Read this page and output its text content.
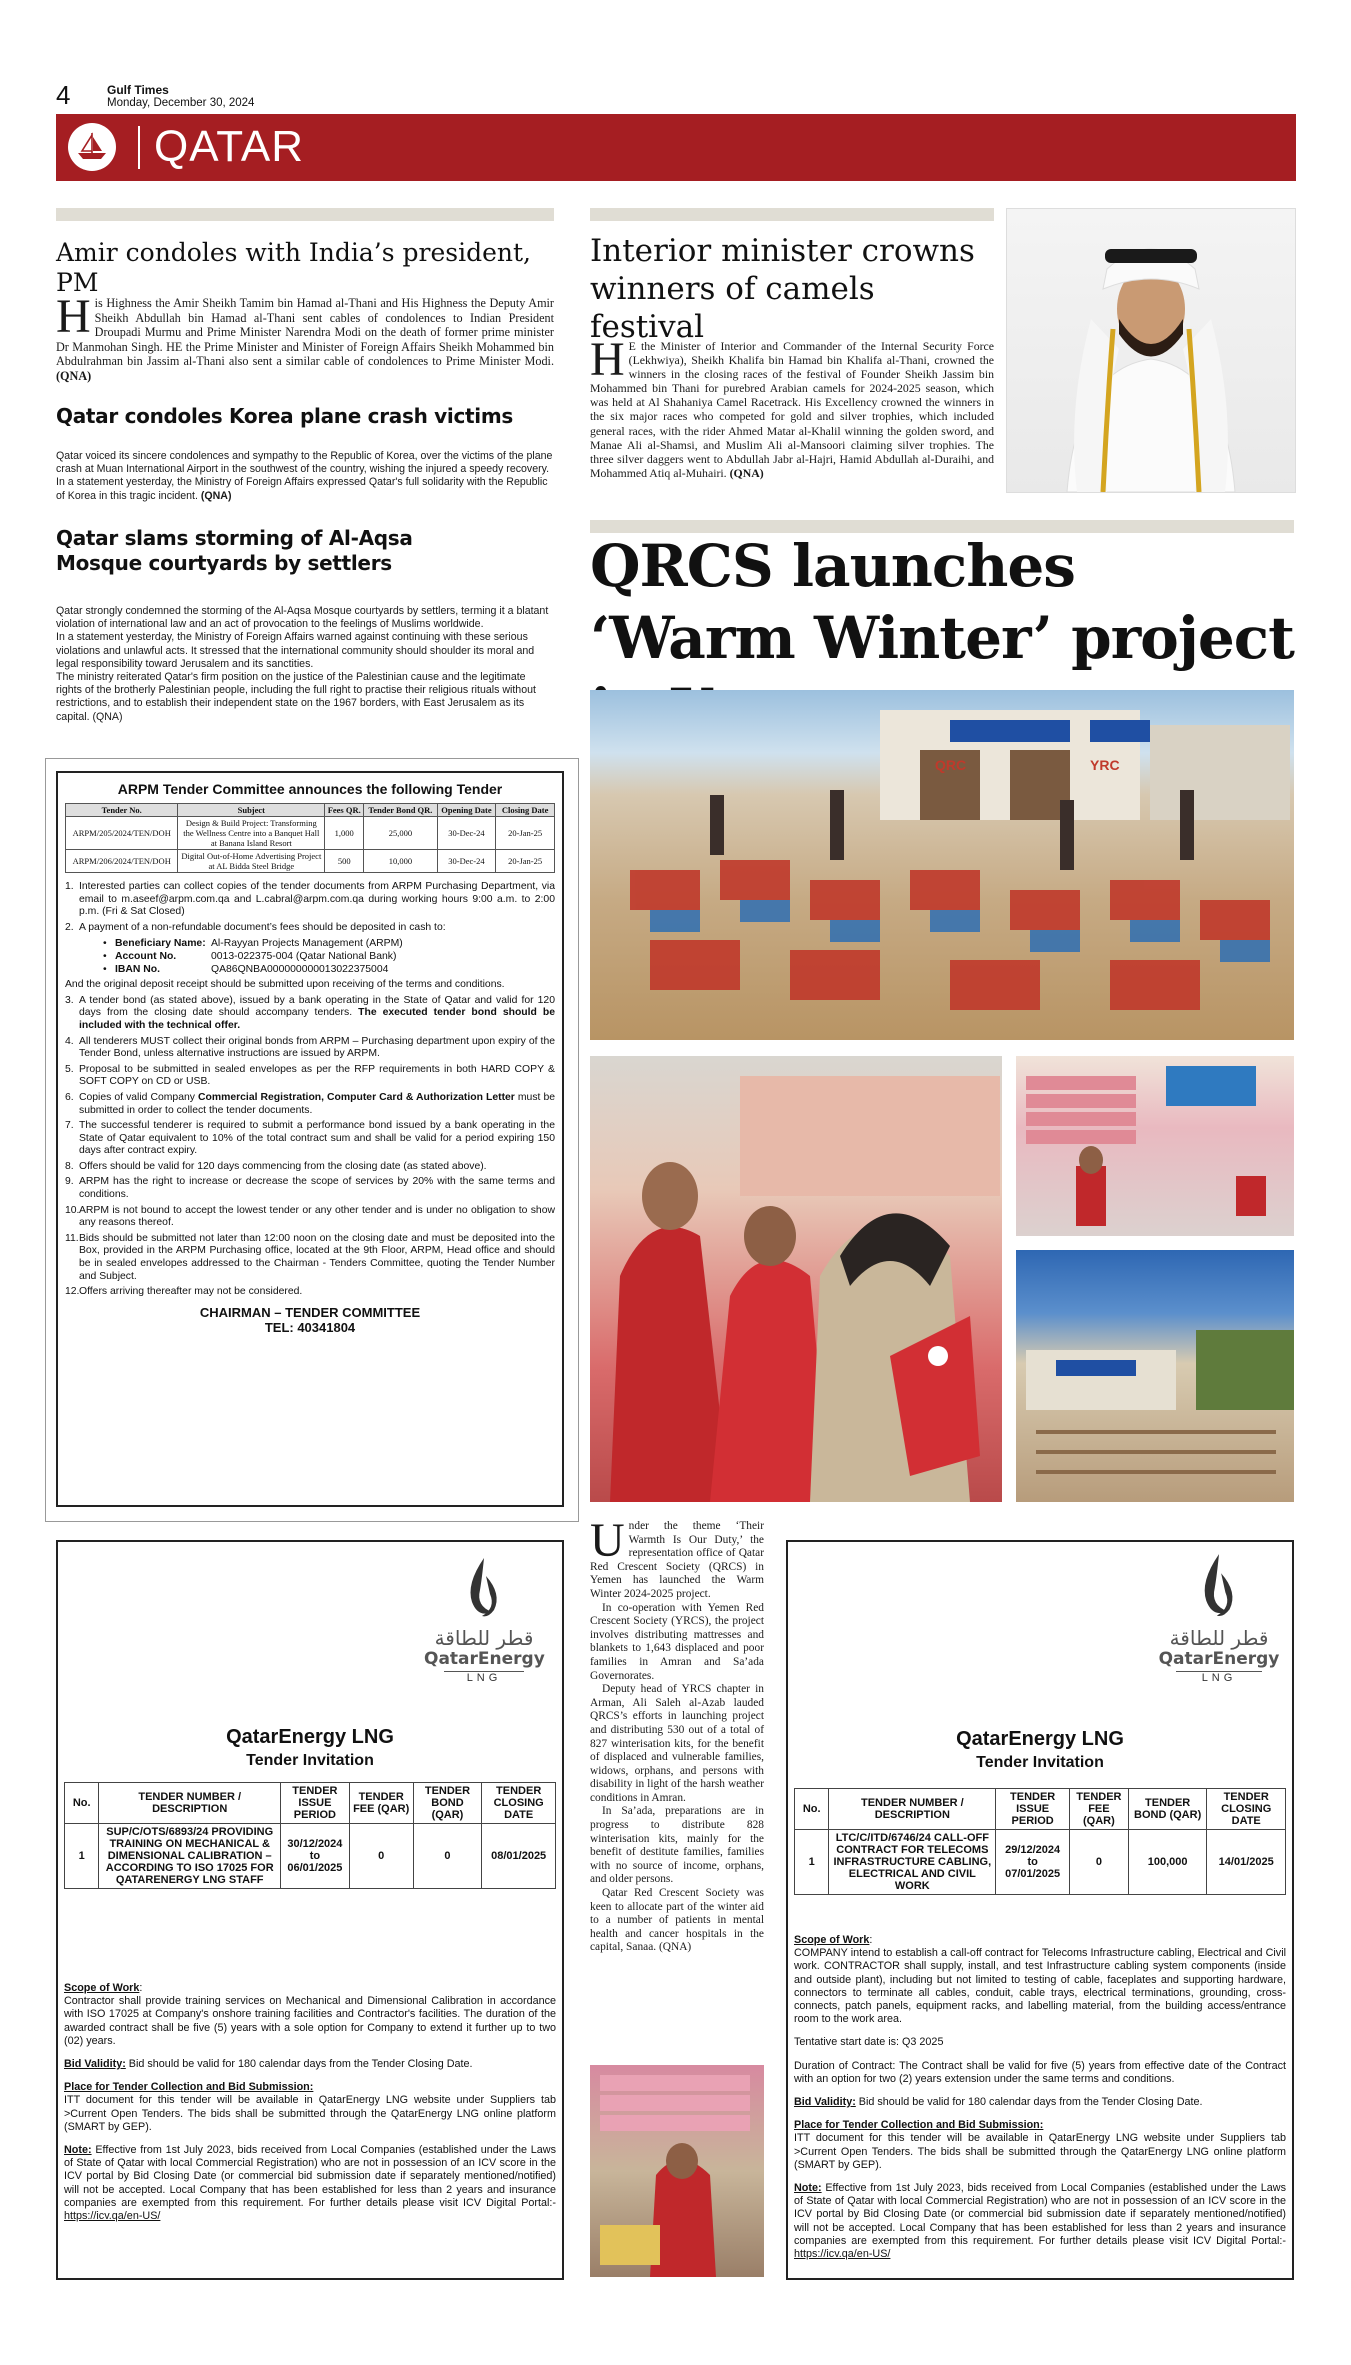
4	Gulf Times
Monday, December 30, 2024
QATAR
Amir condoles with India’s president, PM
His Highness the Amir Sheikh Tamim bin Hamad al-Thani and His Highness the Deputy Amir Sheikh Abdullah bin Hamad al-Thani sent cables of condolences to Indian President Droupadi Murmu and Prime Minister Narendra Modi on the death of former prime minister Dr Manmohan Singh. HE the Prime Minister and Minister of Foreign Affairs Sheikh Mohammed bin Abdulrahman bin Jassim al-Thani also sent a similar cable of condolences to Prime Minister Modi. (QNA)
Qatar condoles Korea plane crash victims
Qatar voiced its sincere condolences and sympathy to the Republic of Korea, over the victims of the plane crash at Muan International Airport in the southwest of the country, wishing the injured a speedy recovery. In a statement yesterday, the Ministry of Foreign Affairs expressed Qatar's full solidarity with the Republic of Korea in this tragic incident. (QNA)
Qatar slams storming of Al-Aqsa Mosque courtyards by settlers
Qatar strongly condemned the storming of the Al-Aqsa Mosque courtyards by settlers, terming it a blatant violation of international law and an act of provocation to the feelings of Muslims worldwide.
In a statement yesterday, the Ministry of Foreign Affairs warned against continuing with these serious violations and unlawful acts. It stressed that the international community should shoulder its moral and legal responsibility toward Jerusalem and its sanctities.
The ministry reiterated Qatar's firm position on the justice of the Palestinian cause and the legitimate rights of the brotherly Palestinian people, including the full right to practise their religious rituals without restrictions, and to establish their independent state on the 1967 borders, with East Jerusalem as its capital. (QNA)
ARPM Tender Committee announces the following Tender
Tender No.	Subject	Fees QR.	Tender Bond QR.	Opening Date	Closing Date
ARPM/205/2024/TEN/DOH	Design & Build Project: Transforming the Wellness Centre into a Banquet Hall at Banana Island Resort	1,000	25,000	30-Dec-24	20-Jan-25
ARPM/206/2024/TEN/DOH	Digital Out-of-Home Advertising Project at AL Bidda Steel Bridge	500	10,000	30-Dec-24	20-Jan-25
1. Interested parties can collect copies of the tender documents from ARPM Purchasing Department, via email to m.aseef@arpm.com.qa and L.cabral@arpm.com.qa during working hours 9:00 a.m. to 2:00 p.m. (Fri & Sat Closed)
2. A payment of a non-refundable document’s fees should be deposited in cash to:
• Beneficiary Name: Al-Rayyan Projects Management (ARPM)
• Account No.	0013-022375-004 (Qatar National Bank)
• IBAN No.	QA86QNBA000000000013022375004
And the original deposit receipt should be submitted upon receiving of the terms and conditions.
3. A tender bond (as stated above), issued by a bank operating in the State of Qatar and valid for 120 days from the closing date should accompany tenders. The executed tender bond should be included with the technical offer.
4. All tenderers MUST collect their original bonds from ARPM – Purchasing department upon expiry of the Tender Bond, unless alternative instructions are issued by ARPM.
5. Proposal to be submitted in sealed envelopes as per the RFP requirements in both HARD COPY & SOFT COPY on CD or USB.
6. Copies of valid Company Commercial Registration, Computer Card & Authorization Letter must be submitted in order to collect the tender documents.
7. The successful tenderer is required to submit a performance bond issued by a bank operating in the State of Qatar equivalent to 10% of the total contract sum and shall be valid for a period expiring 150 days after contract expiry.
8. Offers should be valid for 120 days commencing from the closing date (as stated above).
9. ARPM has the right to increase or decrease the scope of services by 20% with the same terms and conditions.
10. ARPM is not bound to accept the lowest tender or any other tender and is under no obligation to show any reasons thereof.
11. Bids should be submitted not later than 12:00 noon on the closing date and must be deposited into the Box, provided in the ARPM Purchasing office, located at the 9th Floor, ARPM, Head office and should be in sealed envelopes addressed to the Chairman - Tenders Committee, quoting the Tender Number and Subject.
12. Offers arriving thereafter may not be considered.
CHAIRMAN – TENDER COMMITTEE
TEL: 40341804
Interior minister crowns winners of camels festival
H E the Minister of Interior and Commander of the Internal Security Force (Lekhwiya), Sheikh Khalifa bin Hamad bin Khalifa al-Thani, crowned the winners in the closing races of the festival of Founder Sheikh Jassim bin Mohammed bin Thani for purebred Arabian camels for 2024-2025 season, which was held at Al Shahaniya Camel Racetrack. His Excellency crowned the winners in the six major races who competed for gold and silver trophies, which included general races, with the rider Ahmed Matar al-Khalil winning the golden sword, and Manae Ali al-Shamsi, and Muslim Ali al-Mansoori claiming silver trophies. The three silver daggers went to Abdullah Jabr al-Hajri, Hamid Abdullah al-Duraihi, and Mohammed Atiq al-Muhairi. (QNA)
QRCS launches ‘Warm Winter’ project
QRC	YRC

Under the theme ‘Their Warmth Is Our Duty,’ the representation office of Qatar Red Crescent Society (QRCS) in Yemen has launched the Warm Winter 2024-2025 project.

In co-operation with Yemen Red Crescent Society (YRCS), the project involves distributing mattresses and blankets to 1,643 displaced and poor families in Amran and Sa’ada Governorates.

Deputy head of YRCS chapter in Arman, Ali Saleh al-Azab lauded QRCS’s efforts in launching project and distributing 530 out of a total of 827 winterisation kits, for the benefit of displaced and vulnerable families, widows, orphans, and persons with disability in light of the harsh weather conditions in Amran.

In Sa’ada, preparations are in progress to distribute 828 winterisation kits, mainly for the benefit of destitute families, families with no source of income, orphans, and older persons.

Qatar Red Crescent Society was keen to allocate part of the winter aid to a number of patients in mental health and cancer hospitals in the capital, Sanaa. (QNA)

قطر للطاقة
QatarEnergy
LNG
QatarEnergy LNG
Tender Invitation
No.	TENDER NUMBER / DESCRIPTION	TENDER ISSUE PERIOD	TENDER FEE (QAR)	TENDER BOND (QAR)	TENDER CLOSING DATE
1	SUP/C/OTS/6893/24 PROVIDING TRAINING ON MECHANICAL & DIMENSIONAL CALIBRATION – ACCORDING TO ISO 17025 FOR QATARENERGY LNG STAFF	30/12/2024 to 06/01/2025	0	0	08/01/2025
Scope of Work:
Contractor shall provide training services on Mechanical and Dimensional Calibration in accordance with ISO 17025 at Company's onshore training facilities and Contractor's facilities. The duration of the awarded contract shall be five (5) years with a sole option for Company to extend it further up to two (02) years.
Bid Validity: Bid should be valid for 180 calendar days from the Tender Closing Date.
Place for Tender Collection and Bid Submission:
ITT document for this tender will be available in QatarEnergy LNG website under Suppliers tab >Current Open Tenders. The bids shall be submitted through the QatarEnergy LNG online platform (SMART by GEP).
Note: Effective from 1st July 2023, bids received from Local Companies (established under the Laws of State of Qatar with local Commercial Registration) who are not in possession of an ICV score in the ICV portal by Bid Closing Date (or commercial bid submission date if separately mentioned/notified) will not be accepted. Local Company that has been established for less than 2 years and insurance companies are exempted from this requirement. For further details please visit ICV Digital Portal:- https://icv.qa/en-US/
قطر للطاقة
QatarEnergy
LNG
QatarEnergy LNG
Tender Invitation
No.	TENDER NUMBER / DESCRIPTION	TENDER ISSUE PERIOD	TENDER FEE (QAR)	TENDER BOND (QAR)	TENDER CLOSING DATE
1	LTC/C/ITD/6746/24 CALL-OFF CONTRACT FOR TELECOMS INFRASTRUCTURE CABLING, ELECTRICAL AND CIVIL WORK	29/12/2024 to 07/01/2025	0	100,000	14/01/2025
Scope of Work:
COMPANY intend to establish a call-off contract for Telecoms Infrastructure cabling, Electrical and Civil work. CONTRACTOR shall supply, install, and test Infrastructure cabling system components (inside and outside plant), including but not limited to testing of cable, faceplates and supporting hardware, connectors to terminate all cables, conduit, cable trays, electrical terminations, grounding, cross-connects, patch panels, equipment racks, and labelling material, from the building access/entrance room to the work area.
Tentative start date is: Q3 2025
Duration of Contract: The Contract shall be valid for five (5) years from effective date of the Contract with an option for two (2) years extension under the same terms and conditions.
Bid Validity: Bid should be valid for 180 calendar days from the Tender Closing Date.
Place for Tender Collection and Bid Submission:
ITT document for this tender will be available in QatarEnergy LNG website under Suppliers tab >Current Open Tenders. The bids shall be submitted through the QatarEnergy LNG online platform (SMART by GEP).
Note: Effective from 1st July 2023, bids received from Local Companies (established under the Laws of State of Qatar with local Commercial Registration) who are not in possession of an ICV score in the ICV portal by Bid Closing Date (or commercial bid submission date if separately mentioned/notified) will not be accepted. Local Company that has been established for less than 2 years and insurance companies are exempted from this requirement. For further details please visit ICV Digital Portal:- https://icv.qa/en-US/
